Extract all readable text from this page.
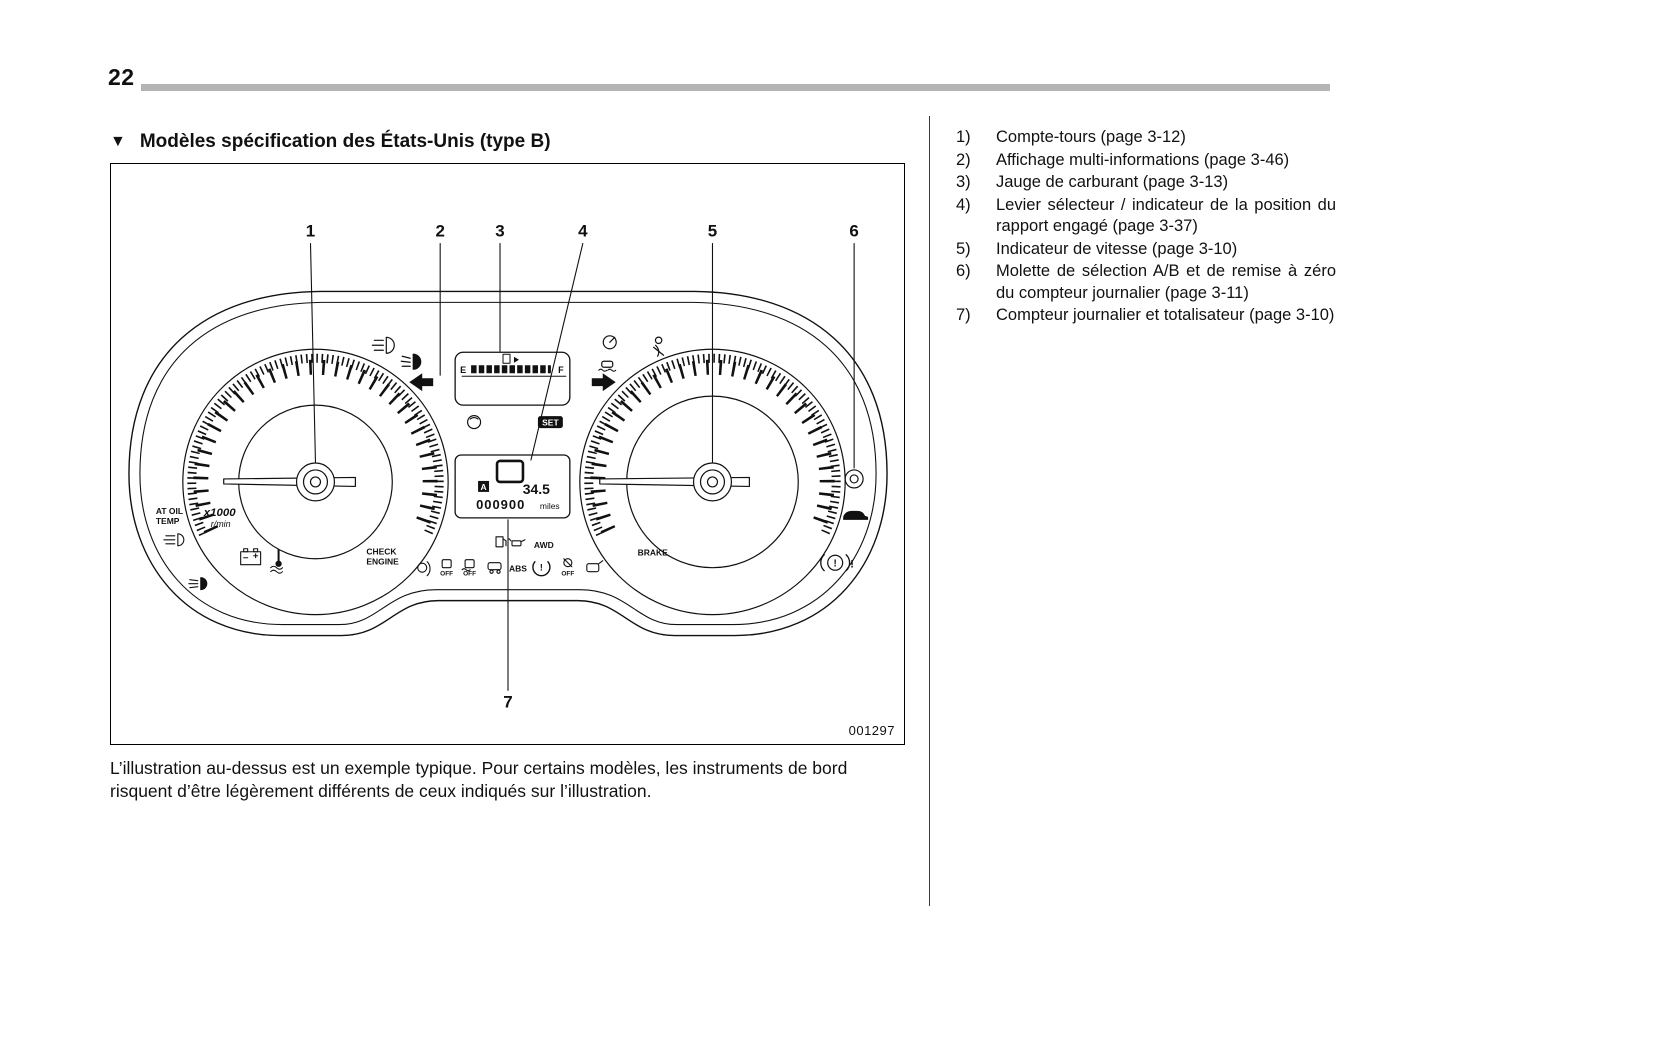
22
▼ Modèles spécification des États-Unis (type B)
1	2	3	4	5	6
7
AT OIL
TEMP
x1000
r/min
CHECK
ENGINE
BRAKE
E	F
SET
A	34.5
000900 miles
AWD
ABS !
OFF OFF	OFF
! !
001297

L’illustration au-dessus est un exemple typique. Pour certains modèles, les instruments de bord risquent d’être légèrement différents de ceux indiqués sur l’illustration.

1)	Compte-tours (page 3-12)
2)	Affichage multi-informations (page 3-46)
3)	Jauge de carburant (page 3-13)
4)	Levier sélecteur / indicateur de la position du rapport engagé (page 3-37)
5)	Indicateur de vitesse (page 3-10)
6)	Molette de sélection A/B et de remise à zéro du compteur journalier (page 3-11)
7)	Compteur journalier et totalisateur (page 3-10)
